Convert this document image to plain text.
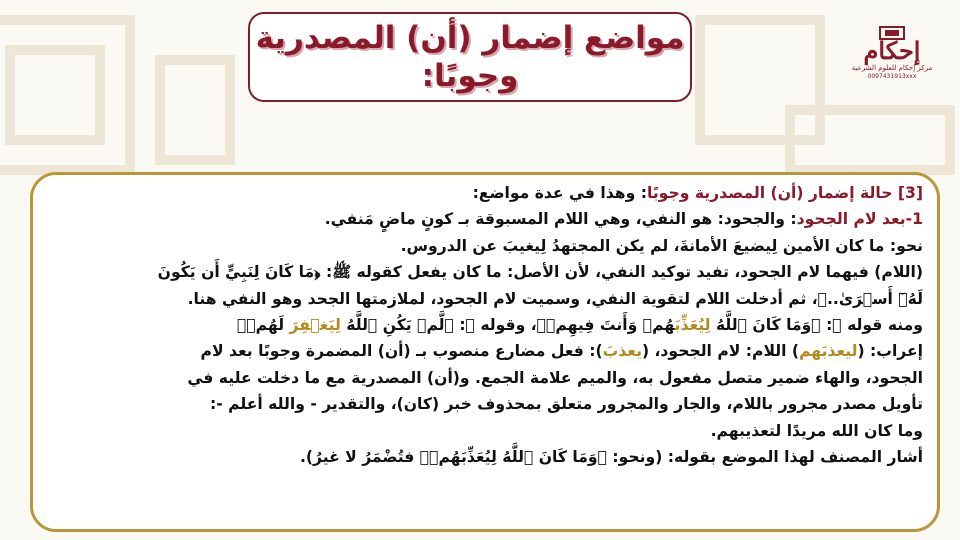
مواضع إضمار (أن) المصدرية
وجوبًا:
إحكام
مركز إحكام للعلوم الشرعية
0097431913xxx
[3] حالة إضمار (أن) المصدرية وجوبًا: وهذا في عدة مواضع:
1-بعد لام الجحود: والجحود: هو النفي، وهي اللام المسبوقة بـ كونٍ ماضٍ مَنفي.
نحو: ما كان الأمين لِيضيعَ الأمانةَ، لم يكن المجتهدُ لِيغيبَ عن الدروس.
(اللام) فيهما لام الجحود، تفيد توكيد النفي، لأن الأصل: ما كان يفعل كقوله ﷺ: ﴿مَا كَانَ لِنَبِيٍّ أَن يَكُونَ
لَهُۥٓ أَسۡرَىٰ..﴾، ثم أدخلت اللام لتقوية النفي، وسميت لام الجحود، لملازمتها الجحد وهو النفي هنا.
ومنه قوله ﷺ: ﴿وَمَا كَانَ ٱللَّهُ لِيُعَذِّبَهُمۡ وَأَنتَ فِيهِمۡ﴾، وقوله ﷺ: ﴿لَّمۡ يَكُنِ ٱللَّهُ لِيَغۡفِرَ لَهُمۡ﴾
إعراب: (ليعذبَهم) اللام: لام الجحود، (يعذبَ): فعل مضارع منصوب بـ (أن) المضمرة وجوبًا بعد لام
الجحود، والهاء ضمير متصل مفعول به، والميم علامة الجمع. و(أن) المصدرية مع ما دخلت عليه في
تأويل مصدر مجرور باللام، والجار والمجرور متعلق بمحذوف خبر (كان)، والتقدير - والله أعلم -:
وما كان الله مريدًا لتعذيبهم.
أشار المصنف لهذا الموضع بقوله: (ونحو: ﴿وَمَا كَانَ ٱللَّهُ لِيُعَذِّبَهُمۡ﴾ فتُضْمَرُ لا غيرُ).
